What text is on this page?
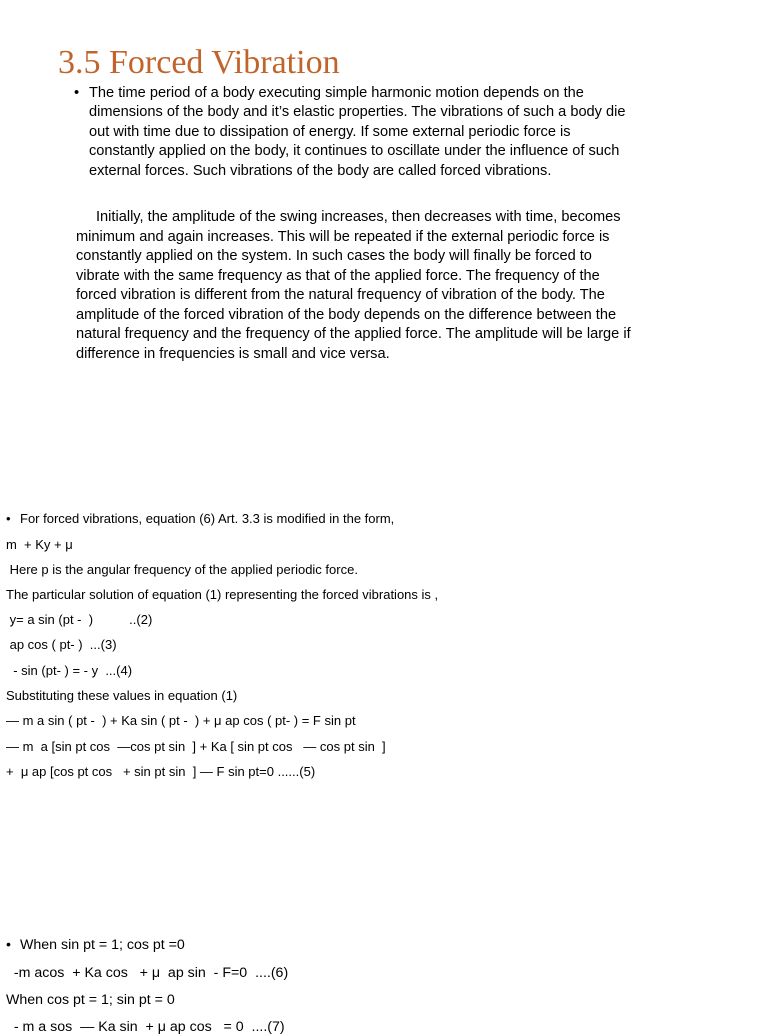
3.5 Forced Vibration
• The time period of a body executing simple harmonic motion depends on the dimensions of the body and it’s elastic properties. The vibrations of such a body die out with time due to dissipation of energy. If some external periodic force is constantly applied on the body, it continues to oscillate under the influence of such external forces. Such vibrations of the body are called forced vibrations.
Initially, the amplitude of the swing increases, then decreases with time, becomes minimum and again increases. This will be repeated if the external periodic force is constantly applied on the system. In such cases the body will finally be forced to vibrate with the same frequency as that of the applied force. The frequency of the forced vibration is different from the natural frequency of vibration of the body. The amplitude of the forced vibration of the body depends on the difference between the natural frequency and the frequency of the applied force. The amplitude will be large if difference in frequencies is small and vice versa.
• For forced vibrations, equation (6) Art. 3.3 is modified in the form,
m  + Ky + μ
Here p is the angular frequency of the applied periodic force.
The particular solution of equation (1) representing the forced vibrations is ,
y= a sin (pt -  )          ..(2)
ap cos ( pt- )  ...(3)
- sin (pt- ) = - y  ...(4)
Substituting these values in equation (1)
— m a sin ( pt -  ) + Ka sin ( pt -  ) + μ ap cos ( pt- ) = F sin pt
— m  a [sin pt cos  —cos pt sin  ] + Ka [ sin pt cos   — cos pt sin  ]
+  μ ap [cos pt cos   + sin pt sin  ] — F sin pt=0 ......(5)
• When sin pt = 1; cos pt =0
-m acos  + Ka cos   + μ  ap sin  - F=0  ....(6)
When cos pt = 1; sin pt = 0
- m a sos  — Ka sin  + μ ap cos   = 0  ....(7)
